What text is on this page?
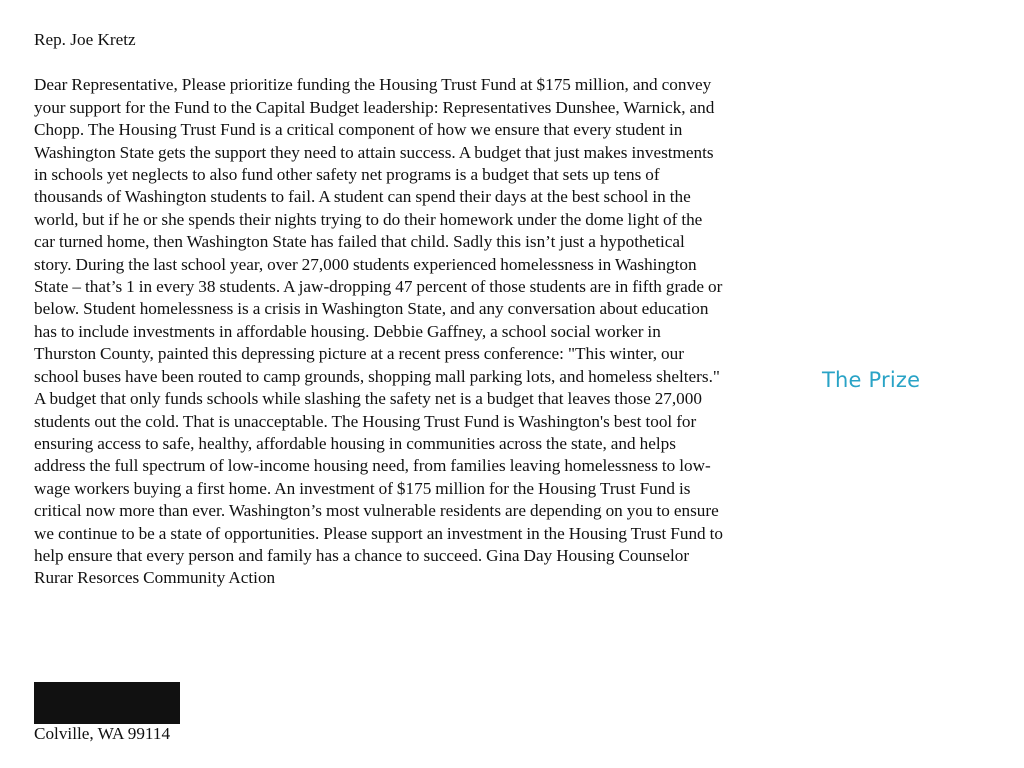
Rep. Joe Kretz

Dear Representative, Please prioritize funding the Housing Trust Fund at $175 million, and convey your support for the Fund to the Capital Budget leadership: Representatives Dunshee, Warnick, and Chopp. The Housing Trust Fund is a critical component of how we ensure that every student in Washington State gets the support they need to attain success. A budget that just makes investments in schools yet neglects to also fund other safety net programs is a budget that sets up tens of thousands of Washington students to fail. A student can spend their days at the best school in the world, but if he or she spends their nights trying to do their homework under the dome light of the car turned home, then Washington State has failed that child. Sadly this isn’t just a hypothetical story. During the last school year, over 27,000 students experienced homelessness in Washington State – that’s 1 in every 38 students. A jaw-dropping 47 percent of those students are in fifth grade or below. Student homelessness is a crisis in Washington State, and any conversation about education has to include investments in affordable housing. Debbie Gaffney, a school social worker in Thurston County, painted this depressing picture at a recent press conference: "This winter, our school buses have been routed to camp grounds, shopping mall parking lots, and homeless shelters." A budget that only funds schools while slashing the safety net is a budget that leaves those 27,000 students out the cold. That is unacceptable. The Housing Trust Fund is Washington's best tool for ensuring access to safe, healthy, affordable housing in communities across the state, and helps address the full spectrum of low-income housing need, from families leaving homelessness to low-wage workers buying a first home. An investment of $175 million for the Housing Trust Fund is critical now more than ever. Washington’s most vulnerable residents are depending on you to ensure we continue to be a state of opportunities. Please support an investment in the Housing Trust Fund to help ensure that every person and family has a chance to succeed. Gina Day Housing Counselor Rurar Resorces Community Action

Colville, WA 99114

The Prize
